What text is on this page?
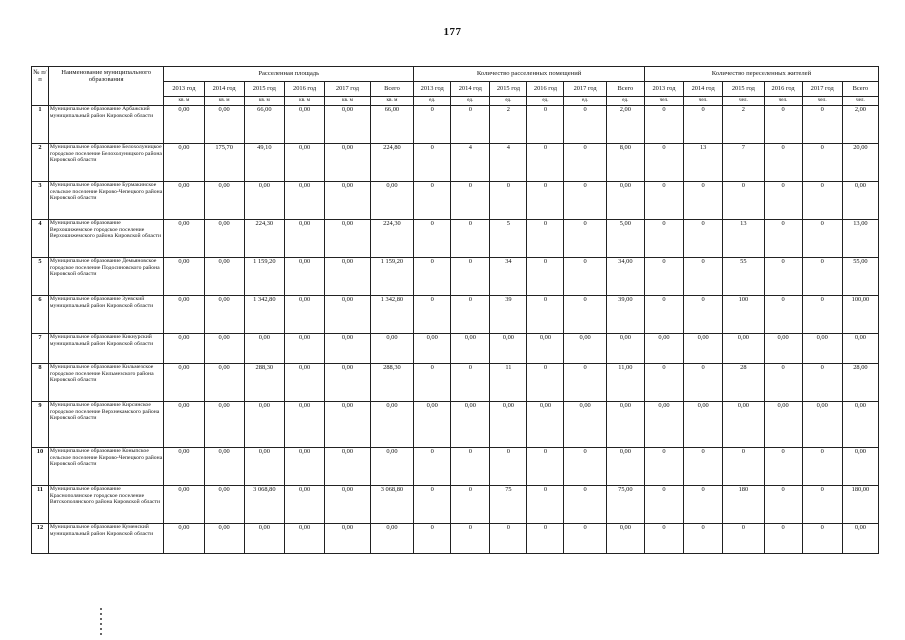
177
№ п/п	Наименование муниципального образования	Расселенная площадь						Количество расселенных помещений						Количество переселенных жителей					
		2013 год	2014 год	2015 год	2016 год	2017 год	Всего	2013 год	2014 год	2015 год	2016 год	2017 год	Всего	2013 год	2014 год	2015 год	2016 год	2017 год	Всего
		кв. м	кв. м	кв. м	кв. м	кв. м	кв. м	ед.	ед.	ед.	ед.	ед.	ед.	чел.	чел.	чел.	чел.	чел.	чел.
1	Муниципальное образование Арбажский муниципальный район Кировской области	0,00	0,00	66,00	0,00	0,00	66,00	0	0	2	0	0	2,00	0	0	2	0	0	2,00
2	Муниципальное образование Белохолуницкое городское поселение Белохолуницкого района Кировской области	0,00	175,70	49,10	0,00	0,00	224,80	0	4	4	0	0	8,00	0	13	7	0	0	20,00
3	Муниципальное образование Бурмакинское сельское поселение Кирово-Чепецкого района Кировской области	0,00	0,00	0,00	0,00	0,00	0,00	0	0	0	0	0	0,00	0	0	0	0	0	0,00
4	Муниципальное образование Верхошижемское городское поселение Верхошижемского района Кировской области	0,00	0,00	224,30	0,00	0,00	224,30	0	0	5	0	0	5,00	0	0	13	0	0	13,00
5	Муниципальное образование Демьяновское городское поселение Подосиновского района Кировской области	0,00	0,00	1 159,20	0,00	0,00	1 159,20	0	0	34	0	0	34,00	0	0	55	0	0	55,00
6	Муниципальное образование Зуевский муниципальный район Кировской области	0,00	0,00	1 342,80	0,00	0,00	1 342,80	0	0	39	0	0	39,00	0	0	100	0	0	100,00
7	Муниципальное образование Кикнурский муниципальный район Кировской области	0,00	0,00	0,00	0,00	0,00	0,00	0,00	0,00	0,00	0,00	0,00	0,00	0,00	0,00	0,00	0,00	0,00	0,00
8	Муниципальное образование Кильмезское городское поселение Кильмезского района Кировской области	0,00	0,00	288,30	0,00	0,00	288,30	0	0	11	0	0	11,00	0	0	28	0	0	28,00
9	Муниципальное образование Кирсинское городское поселение Верхнекамского района Кировской области	0,00	0,00	0,00	0,00	0,00	0,00	0,00	0,00	0,00	0,00	0,00	0,00	0,00	0,00	0,00	0,00	0,00	0,00
10	Муниципальное образование Коныпское сельское поселение Кирово-Чепецкого района Кировской области	0,00	0,00	0,00	0,00	0,00	0,00	0	0	0	0	0	0,00	0	0	0	0	0	0,00
11	Муниципальное образование Краснополянское городское поселение Вятскополянского района Кировской области	0,00	0,00	3 068,80	0,00	0,00	3 068,80	0	0	75	0	0	75,00	0	0	180	0	0	180,00
12	Муниципальное образование Куменский муниципальный район Кировской области	0,00	0,00	0,00	0,00	0,00	0,00	0	0	0	0	0	0,00	0	0	0	0	0	0,00
